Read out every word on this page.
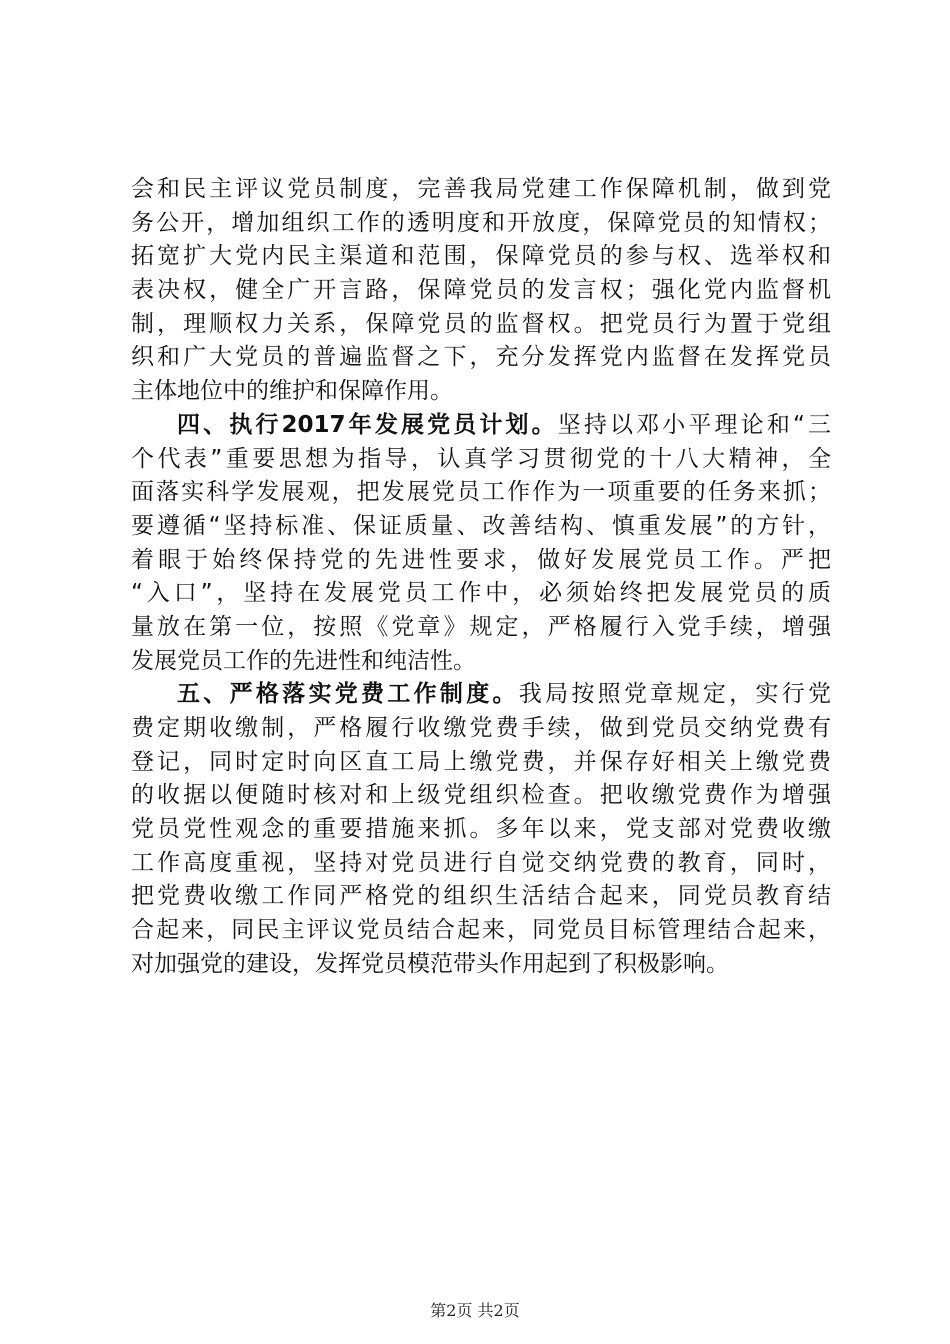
会和民主评议党员制度，完善我局党建工作保障机制，做到党
务公开，增加组织工作的透明度和开放度，保障党员的知情权；
拓宽扩大党内民主渠道和范围，保障党员的参与权、选举权和
表决权，健全广开言路，保障党员的发言权；强化党内监督机
制，理顺权力关系，保障党员的监督权。把党员行为置于党组
织和广大党员的普遍监督之下，充分发挥党内监督在发挥党员
主体地位中的维护和保障作用。
四、执行2017年发展党员计划。坚持以邓小平理论和“三
个代表”重要思想为指导，认真学习贯彻党的十八大精神，全
面落实科学发展观，把发展党员工作作为一项重要的任务来抓；
要遵循“坚持标准、保证质量、改善结构、慎重发展”的方针，
着眼于始终保持党的先进性要求，做好发展党员工作。严把
“入口”，坚持在发展党员工作中，必须始终把发展党员的质
量放在第一位，按照《党章》规定，严格履行入党手续，增强
发展党员工作的先进性和纯洁性。
五、严格落实党费工作制度。我局按照党章规定，实行党
费定期收缴制，严格履行收缴党费手续，做到党员交纳党费有
登记，同时定时向区直工局上缴党费，并保存好相关上缴党费
的收据以便随时核对和上级党组织检查。把收缴党费作为增强
党员党性观念的重要措施来抓。多年以来，党支部对党费收缴
工作高度重视，坚持对党员进行自觉交纳党费的教育，同时，
把党费收缴工作同严格党的组织生活结合起来，同党员教育结
合起来，同民主评议党员结合起来，同党员目标管理结合起来，
对加强党的建设，发挥党员模范带头作用起到了积极影响。
第2页 共2页
